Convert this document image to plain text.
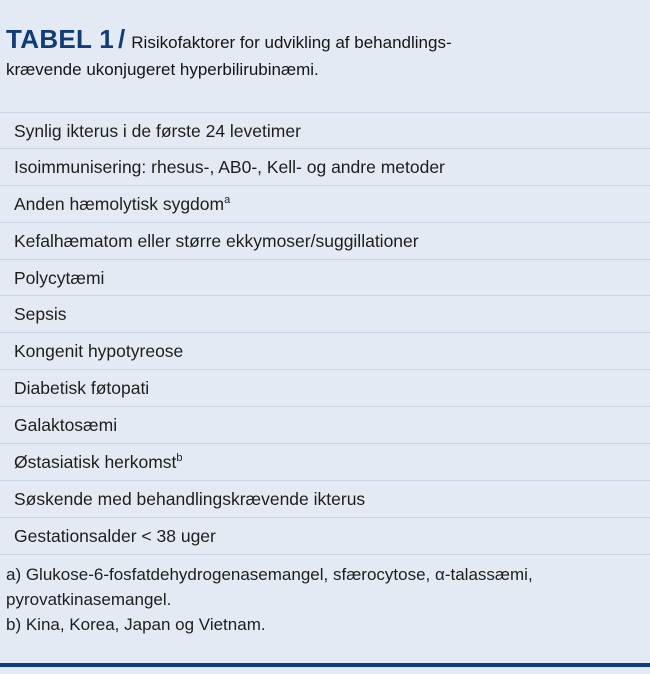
TABEL 1 / Risikofaktorer for udvikling af behandlings-
krævende ukonjugeret hyperbilirubinæmi.
Synlig ikterus i de første 24 levetimer
Isoimmunisering: rhesus-, AB0-, Kell- og andre metoder
Anden hæmolytisk sygdom$^a$
Kefalhæmatom eller større ekkymoser/suggillationer
Polycytæmi
Sepsis
Kongenit hypotyreose
Diabetisk føtopati
Galaktosæmi
Østasiatisk herkomst$^b$
Søskende med behandlingskrævende ikterus
Gestationsalder < 38 uger

a) Glukose-6-fosfatdehydrogenasemangel, sfærocytose, α-talassæmi, pyrovatkinasemangel.

b) Kina, Korea, Japan og Vietnam.
